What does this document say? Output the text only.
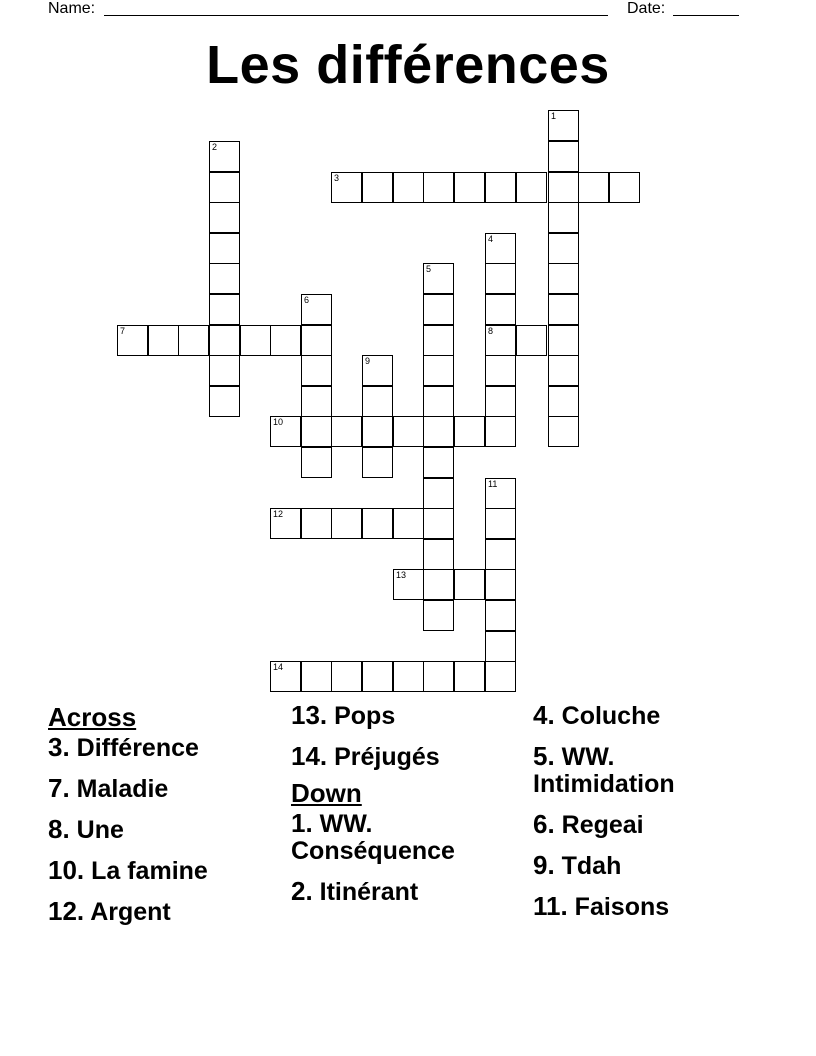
Name:	Date:
Les différences
1
2
3
4
5
6
7	8
9
10
11
12
13
14
Across
3. Différence
7. Maladie
8. Une
10. La famine
12. Argent
13. Pops
14. Préjugés
Down
1. WW. Conséquence
2. Itinérant
4. Coluche
5. WW. Intimidation
6. Regeai
9. Tdah
11. Faisons
